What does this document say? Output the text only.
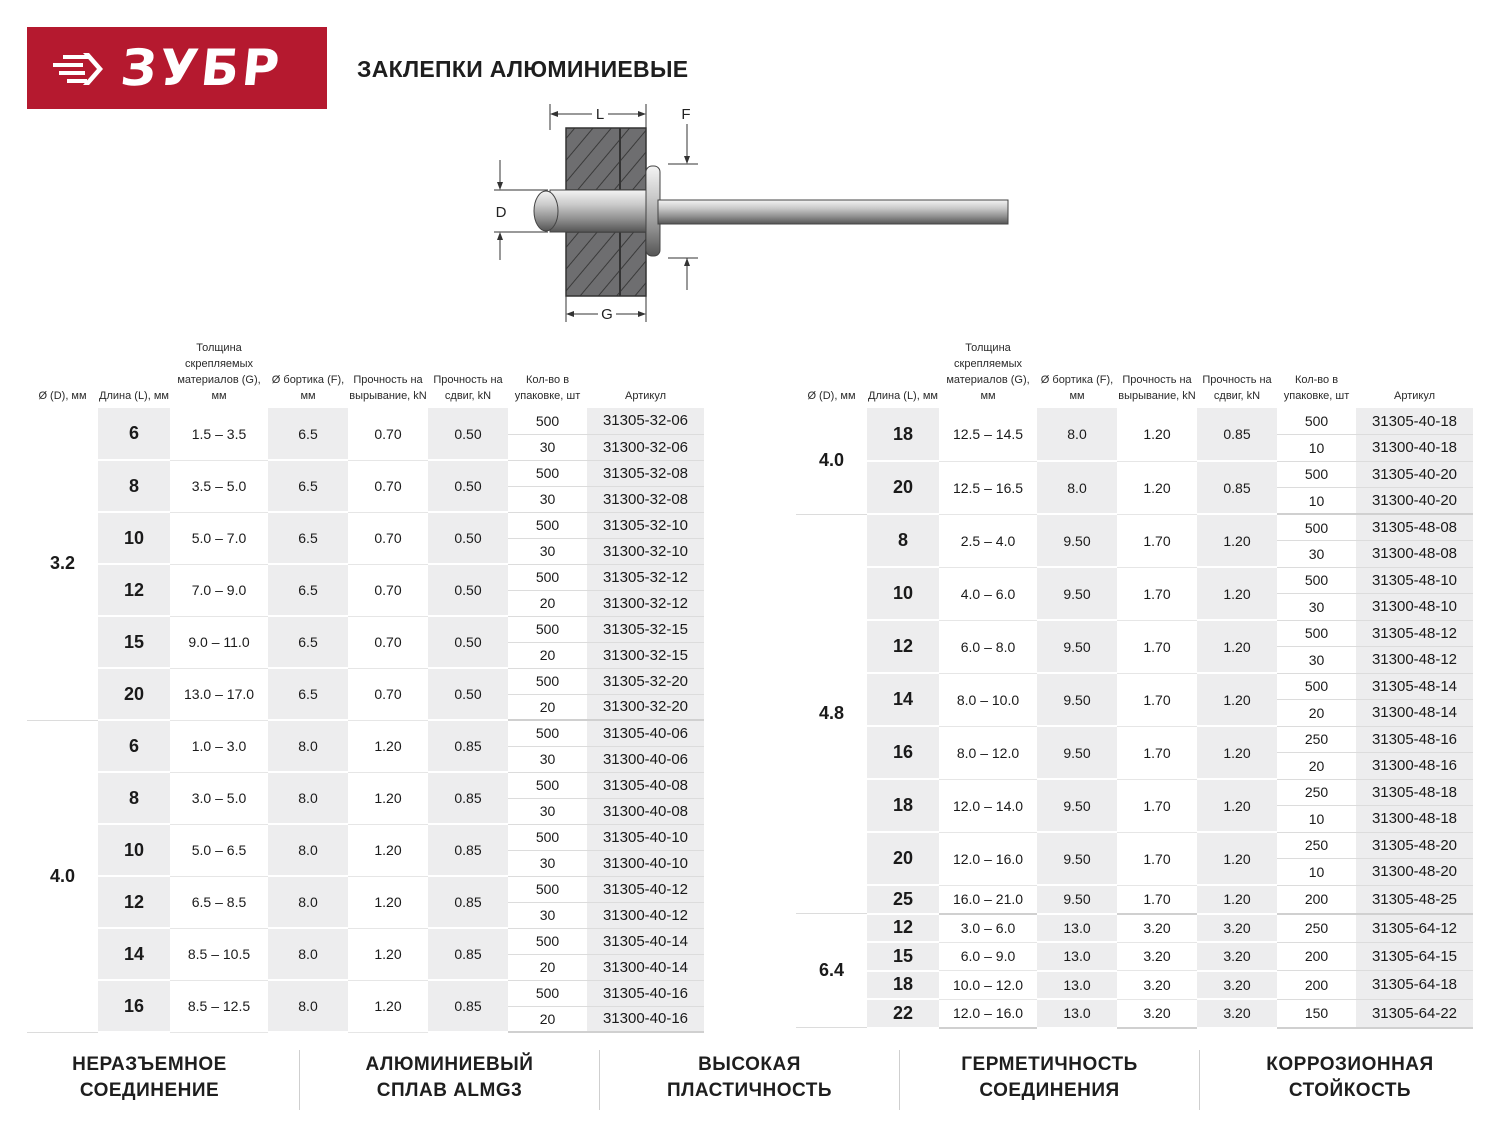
ЗУБР	ЗАКЛЕПКИ АЛЮМИНИЕВЫЕ
L	F
D
G
Ø (D), мм	Длина (L), мм	Толщина скрепляемых материалов (G), мм	Ø бортика (F), мм	Прочность на вырывание, kN	Прочность на сдвиг, kN	Кол-во в упаковке, шт	Артикул
3.2	6	1.5 – 3.5	6.5	0.70	0.50	500	31305-32-06
						30	31300-32-06
	8	3.5 – 5.0	6.5	0.70	0.50	500	31305-32-08
						30	31300-32-08
	10	5.0 – 7.0	6.5	0.70	0.50	500	31305-32-10
						30	31300-32-10
	12	7.0 – 9.0	6.5	0.70	0.50	500	31305-32-12
						20	31300-32-12
	15	9.0 – 11.0	6.5	0.70	0.50	500	31305-32-15
						20	31300-32-15
	20	13.0 – 17.0	6.5	0.70	0.50	500	31305-32-20
						20	31300-32-20
4.0	6	1.0 – 3.0	8.0	1.20	0.85	500	31305-40-06
						30	31300-40-06
	8	3.0 – 5.0	8.0	1.20	0.85	500	31305-40-08
						30	31300-40-08
	10	5.0 – 6.5	8.0	1.20	0.85	500	31305-40-10
						30	31300-40-10
	12	6.5 – 8.5	8.0	1.20	0.85	500	31305-40-12
						30	31300-40-12
	14	8.5 – 10.5	8.0	1.20	0.85	500	31305-40-14
						20	31300-40-14
	16	8.5 – 12.5	8.0	1.20	0.85	500	31305-40-16
						20	31300-40-16
Ø (D), мм	Длина (L), мм	Толщина скрепляемых материалов (G), мм	Ø бортика (F), мм	Прочность на вырывание, kN	Прочность на сдвиг, kN	Кол-во в упаковке, шт	Артикул
4.0	18	12.5 – 14.5	8.0	1.20	0.85	500	31305-40-18
						10	31300-40-18
	20	12.5 – 16.5	8.0	1.20	0.85	500	31305-40-20
						10	31300-40-20
4.8	8	2.5 – 4.0	9.50	1.70	1.20	500	31305-48-08
						30	31300-48-08
	10	4.0 – 6.0	9.50	1.70	1.20	500	31305-48-10
						30	31300-48-10
	12	6.0 – 8.0	9.50	1.70	1.20	500	31305-48-12
						30	31300-48-12
	14	8.0 – 10.0	9.50	1.70	1.20	500	31305-48-14
						20	31300-48-14
	16	8.0 – 12.0	9.50	1.70	1.20	250	31305-48-16
						20	31300-48-16
	18	12.0 – 14.0	9.50	1.70	1.20	250	31305-48-18
						10	31300-48-18
	20	12.0 – 16.0	9.50	1.70	1.20	250	31305-48-20
						10	31300-48-20
	25	16.0 – 21.0	9.50	1.70	1.20	200	31305-48-25
6.4	12	3.0 – 6.0	13.0	3.20	3.20	250	31305-64-12
	15	6.0 – 9.0	13.0	3.20	3.20	200	31305-64-15
	18	10.0 – 12.0	13.0	3.20	3.20	200	31305-64-18
	22	12.0 – 16.0	13.0	3.20	3.20	150	31305-64-22
НЕРАЗЪЕМНОЕ
СОЕДИНЕНИЕ
АЛЮМИНИЕВЫЙ
СПЛАВ ALMG3
ВЫСОКАЯ
ПЛАСТИЧНОСТЬ
ГЕРМЕТИЧНОСТЬ
СОЕДИНЕНИЯ
КОРРОЗИОННАЯ
СТОЙКОСТЬ
